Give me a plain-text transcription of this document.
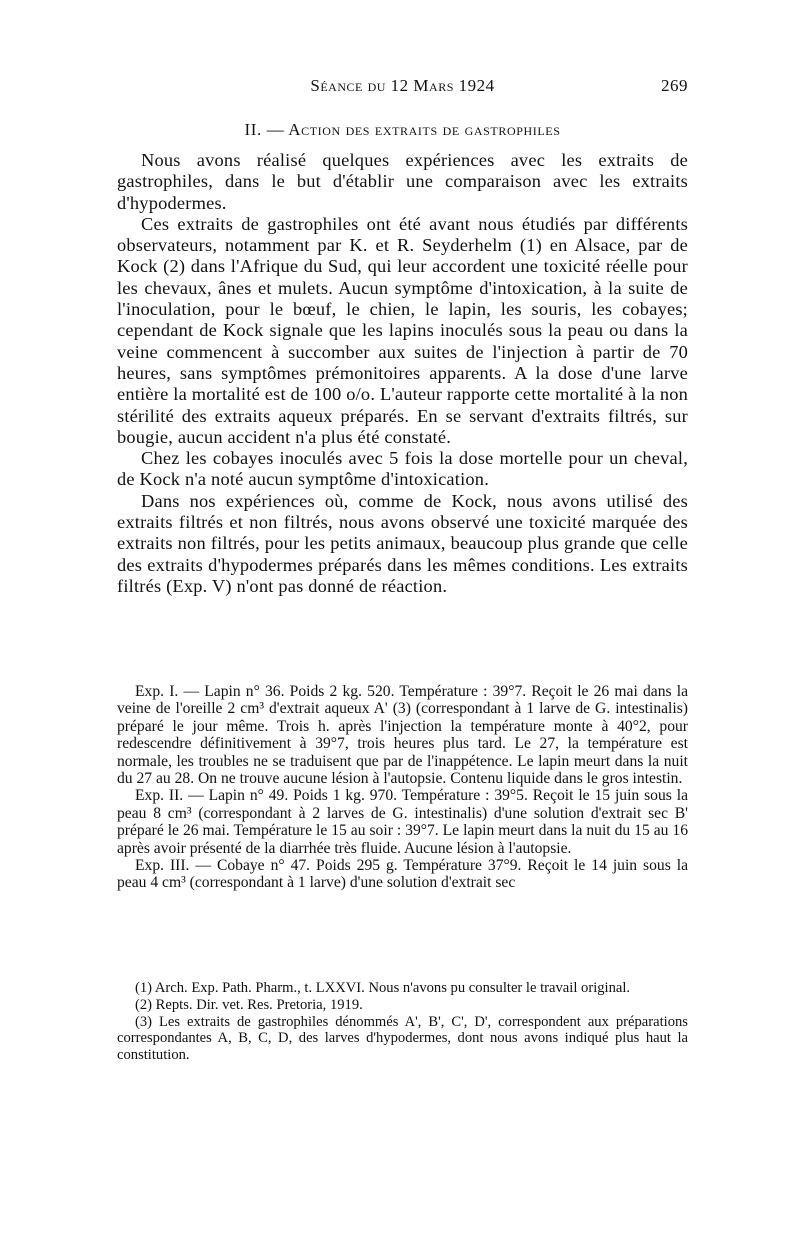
Séance du 12 Mars 1924	269
II. — Action des extraits de gastrophiles

Nous avons réalisé quelques expériences avec les extraits de gastrophiles, dans le but d'établir une comparaison avec les extraits d'hypodermes.

Ces extraits de gastrophiles ont été avant nous étudiés par différents observateurs, notamment par K. et R. Seyderhelm (1) en Alsace, par de Kock (2) dans l'Afrique du Sud, qui leur accordent une toxicité réelle pour les chevaux, ânes et mulets. Aucun symptôme d'intoxication, à la suite de l'inoculation, pour le bœuf, le chien, le lapin, les souris, les cobayes; cependant de Kock signale que les lapins inoculés sous la peau ou dans la veine commencent à succomber aux suites de l'injection à partir de 70 heures, sans symptômes prémonitoires apparents. A la dose d'une larve entière la mortalité est de 100 o/o. L'auteur rapporte cette mortalité à la non stérilité des extraits aqueux préparés. En se servant d'extraits filtrés, sur bougie, aucun accident n'a plus été constaté.

Chez les cobayes inoculés avec 5 fois la dose mortelle pour un cheval, de Kock n'a noté aucun symptôme d'intoxication.

Dans nos expériences où, comme de Kock, nous avons utilisé des extraits filtrés et non filtrés, nous avons observé une toxicité marquée des extraits non filtrés, pour les petits animaux, beaucoup plus grande que celle des extraits d'hypodermes préparés dans les mêmes conditions. Les extraits filtrés (Exp. V) n'ont pas donné de réaction.

Exp. I. — Lapin n° 36. Poids 2 kg. 520. Température : 39°7. Reçoit le 26 mai dans la veine de l'oreille 2 cm³ d'extrait aqueux A' (3) (correspondant à 1 larve de G. intestinalis) préparé le jour même. Trois h. après l'injection la température monte à 40°2, pour redescendre définitivement à 39°7, trois heures plus tard. Le 27, la température est normale, les troubles ne se traduisent que par de l'inappétence. Le lapin meurt dans la nuit du 27 au 28. On ne trouve aucune lésion à l'autopsie. Contenu liquide dans le gros intestin.

Exp. II. — Lapin n° 49. Poids 1 kg. 970. Température : 39°5. Reçoit le 15 juin sous la peau 8 cm³ (correspondant à 2 larves de G. intestinalis) d'une solution d'extrait sec B' préparé le 26 mai. Température le 15 au soir : 39°7. Le lapin meurt dans la nuit du 15 au 16 après avoir présenté de la diarrhée très fluide. Aucune lésion à l'autopsie.

Exp. III. — Cobaye n° 47. Poids 295 g. Température 37°9. Reçoit le 14 juin sous la peau 4 cm³ (correspondant à 1 larve) d'une solution d'extrait sec

(1) Arch. Exp. Path. Pharm., t. LXXVI. Nous n'avons pu consulter le travail original.

(2) Repts. Dir. vet. Res. Pretoria, 1919.

(3) Les extraits de gastrophiles dénommés A', B', C', D', correspondent aux préparations correspondantes A, B, C, D, des larves d'hypodermes, dont nous avons indiqué plus haut la constitution.
